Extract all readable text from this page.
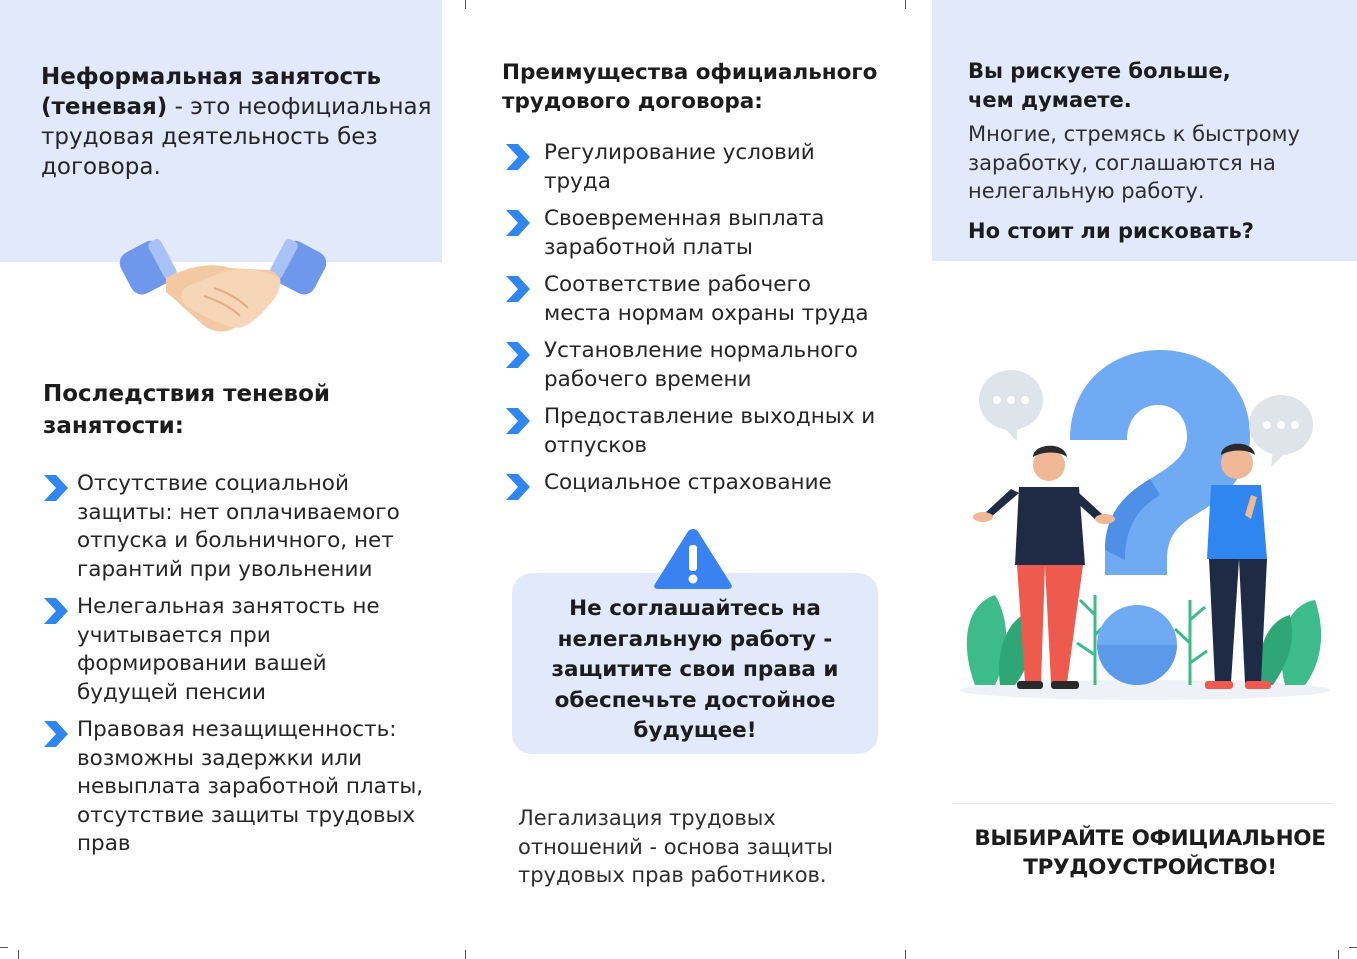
Неформальная занятость (теневая) - это неофициальная трудовая деятельность без договора.
Последствия теневой занятости:
Отсутствие социальной защиты: нет оплачиваемого отпуска и больничного, нет гарантий при увольнении
Нелегальная занятость не учитывается при формировании вашей будущей пенсии
Правовая незащищенность: возможны задержки или невыплата заработной платы, отсутствие защиты трудовых прав
Преимущества официального трудового договора:
Регулирование условий труда
Своевременная выплата заработной платы
Соответствие рабочего места нормам охраны труда
Установление нормального рабочего времени
Предоставление выходных и отпусков
Социальное страхование
Не соглашайтесь на нелегальную работу - защитите свои права и обеспечьте достойное будущее!
Легализация трудовых отношений - основа защиты трудовых прав работников.
Вы рискуете больше, чем думаете.
Многие, стремясь к быстрому заработку, соглашаются на нелегальную работу.
Но стоит ли рисковать?
ВЫБИРАЙТЕ ОФИЦИАЛЬНОЕ ТРУДОУСТРОЙСТВО!
